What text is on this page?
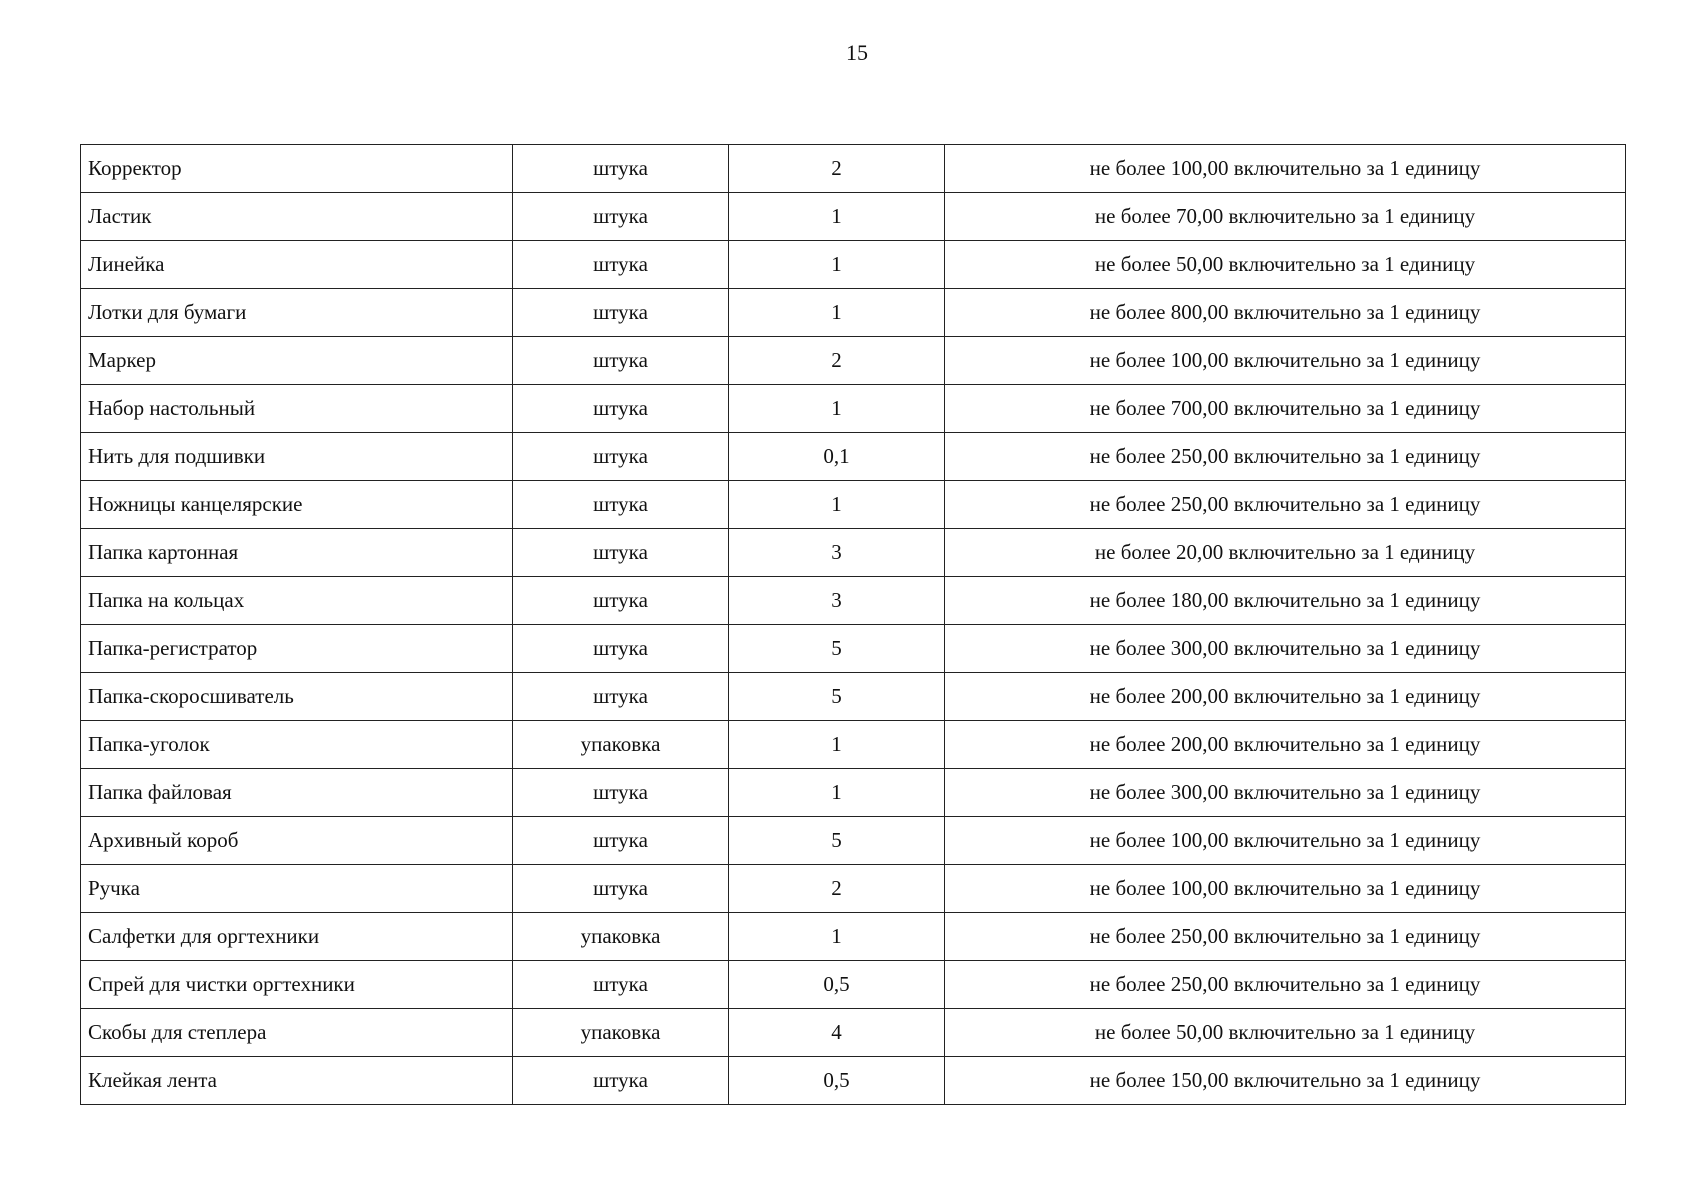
15
Корректор	штука	2	не более 100,00 включительно за 1 единицу
Ластик	штука	1	не более 70,00 включительно за 1 единицу
Линейка	штука	1	не более 50,00 включительно за 1 единицу
Лотки для бумаги	штука	1	не более 800,00 включительно за 1 единицу
Маркер	штука	2	не более 100,00 включительно за 1 единицу
Набор настольный	штука	1	не более 700,00 включительно за 1 единицу
Нить для подшивки	штука	0,1	не более 250,00 включительно за 1 единицу
Ножницы канцелярские	штука	1	не более 250,00 включительно за 1 единицу
Папка картонная	штука	3	не более 20,00 включительно за 1 единицу
Папка на кольцах	штука	3	не более 180,00 включительно за 1 единицу
Папка-регистратор	штука	5	не более 300,00 включительно за 1 единицу
Папка-скоросшиватель	штука	5	не более 200,00 включительно за 1 единицу
Папка-уголок	упаковка	1	не более 200,00 включительно за 1 единицу
Папка файловая	штука	1	не более 300,00 включительно за 1 единицу
Архивный короб	штука	5	не более 100,00 включительно за 1 единицу
Ручка	штука	2	не более 100,00 включительно за 1 единицу
Салфетки для оргтехники	упаковка	1	не более 250,00 включительно за 1 единицу
Спрей для чистки оргтехники	штука	0,5	не более 250,00 включительно за 1 единицу
Скобы для степлера	упаковка	4	не более 50,00 включительно за 1 единицу
Клейкая лента	штука	0,5	не более 150,00 включительно за 1 единицу
